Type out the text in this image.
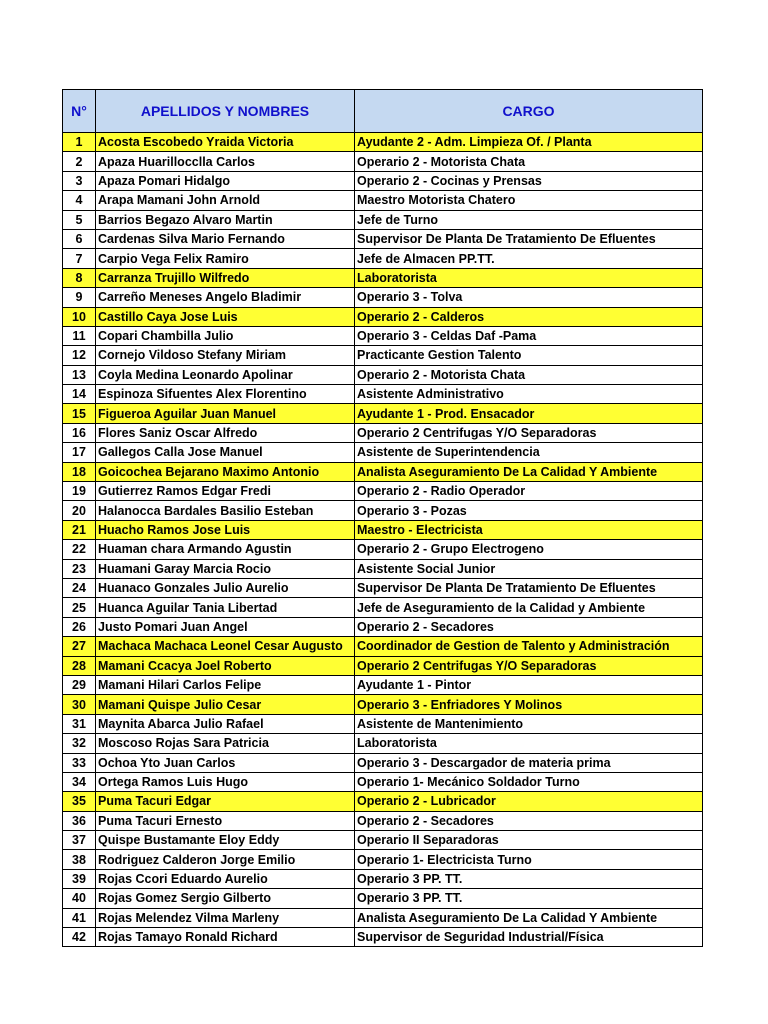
N°	APELLIDOS Y NOMBRES	CARGO
1	Acosta Escobedo Yraida Victoria	Ayudante 2 - Adm. Limpieza Of. / Planta
2	Apaza Huarillocclla Carlos	Operario 2 - Motorista Chata
3	Apaza Pomari Hidalgo	Operario 2 - Cocinas y Prensas
4	Arapa Mamani John Arnold	Maestro Motorista Chatero
5	Barrios Begazo Alvaro Martin	Jefe de Turno
6	Cardenas Silva Mario Fernando	Supervisor De Planta De Tratamiento De Efluentes
7	Carpio Vega Felix Ramiro	Jefe de Almacen PP.TT.
8	Carranza Trujillo Wilfredo	Laboratorista
9	Carreño Meneses Angelo Bladimir	Operario 3 - Tolva
10	Castillo Caya Jose Luis	Operario 2 - Calderos
11	Copari Chambilla Julio	Operario 3 - Celdas Daf -Pama
12	Cornejo Vildoso Stefany Miriam	Practicante Gestion Talento
13	Coyla Medina Leonardo Apolinar	Operario 2 - Motorista Chata
14	Espinoza Sifuentes Alex Florentino	Asistente Administrativo
15	Figueroa Aguilar Juan Manuel	Ayudante 1 - Prod. Ensacador
16	Flores Saniz Oscar Alfredo	Operario 2 Centrifugas Y/O Separadoras
17	Gallegos Calla Jose Manuel	Asistente de Superintendencia
18	Goicochea Bejarano Maximo Antonio	Analista Aseguramiento De La Calidad Y Ambiente
19	Gutierrez Ramos Edgar Fredi	Operario 2 - Radio Operador
20	Halanocca Bardales Basilio Esteban	Operario 3 - Pozas
21	Huacho Ramos Jose Luis	Maestro - Electricista
22	Huaman chara Armando Agustin	Operario 2 - Grupo Electrogeno
23	Huamani Garay Marcia Rocio	Asistente Social Junior
24	Huanaco Gonzales Julio Aurelio	Supervisor De Planta De Tratamiento De Efluentes
25	Huanca Aguilar Tania Libertad	Jefe de Aseguramiento de la Calidad y Ambiente
26	Justo Pomari Juan Angel	Operario 2 - Secadores
27	Machaca Machaca Leonel Cesar Augusto	Coordinador de Gestion de Talento y Administración
28	Mamani Ccacya Joel Roberto	Operario 2 Centrifugas Y/O Separadoras
29	Mamani Hilari Carlos Felipe	Ayudante 1 - Pintor
30	Mamani Quispe Julio Cesar	Operario 3 - Enfriadores Y Molinos
31	Maynita Abarca Julio Rafael	Asistente de Mantenimiento
32	Moscoso Rojas Sara Patricia	Laboratorista
33	Ochoa Yto Juan Carlos	Operario 3 - Descargador de materia prima
34	Ortega Ramos Luis Hugo	Operario 1- Mecánico Soldador Turno
35	Puma Tacuri Edgar	Operario 2 - Lubricador
36	Puma Tacuri Ernesto	Operario 2 - Secadores
37	Quispe Bustamante Eloy Eddy	Operario II Separadoras
38	Rodriguez Calderon Jorge Emilio	Operario 1- Electricista Turno
39	Rojas Ccori Eduardo Aurelio	Operario 3 PP. TT.
40	Rojas Gomez Sergio Gilberto	Operario 3 PP. TT.
41	Rojas Melendez Vilma Marleny	Analista Aseguramiento De La Calidad Y Ambiente
42	Rojas Tamayo Ronald Richard	Supervisor de Seguridad Industrial/Física
